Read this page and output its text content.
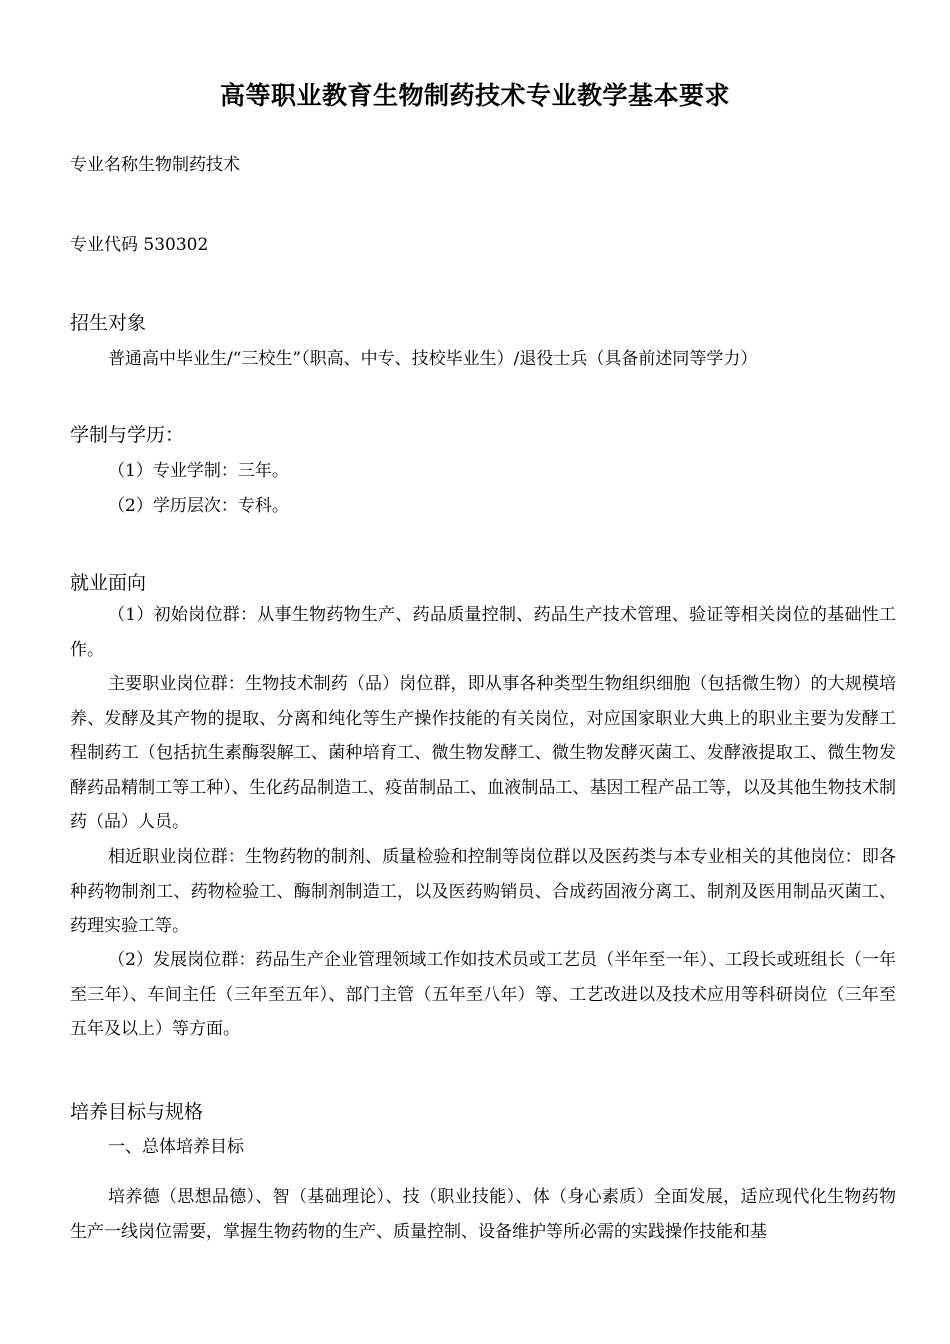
高等职业教育生物制药技术专业教学基本要求
专业名称生物制药技术
专业代码 530302
招生对象
普通高中毕业生/“三校生”（职高、中专、技校毕业生）/退役士兵（具备前述同等学力）
学制与学历：
（1）专业学制：三年。
（2）学历层次：专科。
就业面向
（1）初始岗位群：从事生物药物生产、药品质量控制、药品生产技术管理、验证等相关岗位的基础性工作。
主要职业岗位群：生物技术制药（品）岗位群，即从事各种类型生物组织细胞（包括微生物）的大规模培养、发酵及其产物的提取、分离和纯化等生产操作技能的有关岗位，对应国家职业大典上的职业主要为发酵工程制药工（包括抗生素酶裂解工、菌种培育工、微生物发酵工、微生物发酵灭菌工、发酵液提取工、微生物发酵药品精制工等工种）、生化药品制造工、疫苗制品工、血液制品工、基因工程产品工等，以及其他生物技术制药（品）人员。
相近职业岗位群：生物药物的制剂、质量检验和控制等岗位群以及医药类与本专业相关的其他岗位：即各种药物制剂工、药物检验工、酶制剂制造工，以及医药购销员、合成药固液分离工、制剂及医用制品灭菌工、药理实验工等。
（2）发展岗位群：药品生产企业管理领域工作如技术员或工艺员（半年至一年）、工段长或班组长（一年至三年）、车间主任（三年至五年）、部门主管（五年至八年）等、工艺改进以及技术应用等科研岗位（三年至五年及以上）等方面。
培养目标与规格
一、总体培养目标
培养德（思想品德）、智（基础理论）、技（职业技能）、体（身心素质）全面发展，适应现代化生物药物生产一线岗位需要，掌握生物药物的生产、质量控制、设备维护等所必需的实践操作技能和基
